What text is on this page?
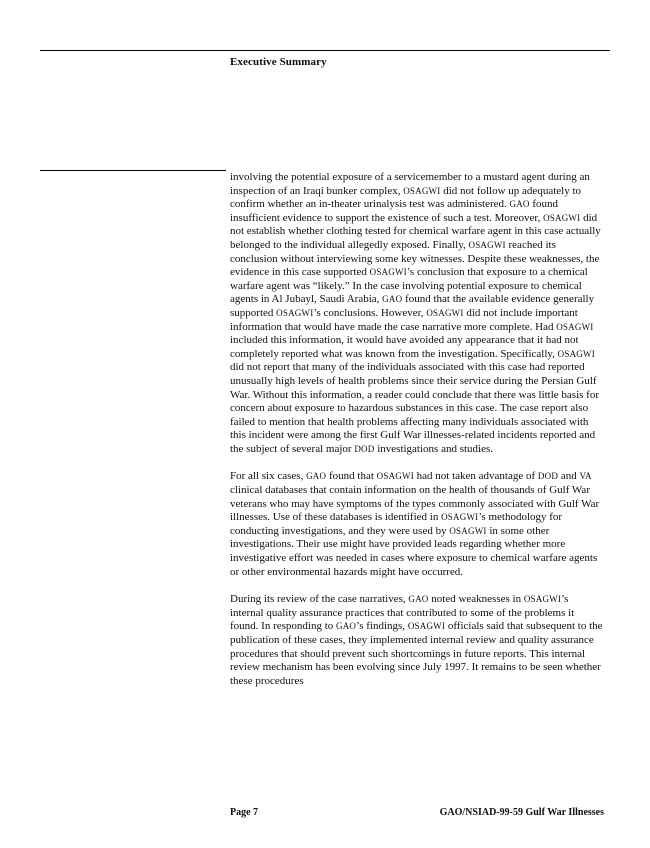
Executive Summary

involving the potential exposure of a servicemember to a mustard agent during an inspection of an Iraqi bunker complex, OSAGWI did not follow up adequately to confirm whether an in-theater urinalysis test was administered. GAO found insufficient evidence to support the existence of such a test. Moreover, OSAGWI did not establish whether clothing tested for chemical warfare agent in this case actually belonged to the individual allegedly exposed. Finally, OSAGWI reached its conclusion without interviewing some key witnesses. Despite these weaknesses, the evidence in this case supported OSAGWI’s conclusion that exposure to a chemical warfare agent was “likely.” In the case involving potential exposure to chemical agents in Al Jubayl, Saudi Arabia, GAO found that the available evidence generally supported OSAGWI’s conclusions. However, OSAGWI did not include important information that would have made the case narrative more complete. Had OSAGWI included this information, it would have avoided any appearance that it had not completely reported what was known from the investigation. Specifically, OSAGWI did not report that many of the individuals associated with this case had reported unusually high levels of health problems since their service during the Persian Gulf War. Without this information, a reader could conclude that there was little basis for concern about exposure to hazardous substances in this case. The case report also failed to mention that health problems affecting many individuals associated with this incident were among the first Gulf War illnesses-related incidents reported and the subject of several major DOD investigations and studies.

For all six cases, GAO found that OSAGWI had not taken advantage of DOD and VA clinical databases that contain information on the health of thousands of Gulf War veterans who may have symptoms of the types commonly associated with Gulf War illnesses. Use of these databases is identified in OSAGWI’s methodology for conducting investigations, and they were used by OSAGWI in some other investigations. Their use might have provided leads regarding whether more investigative effort was needed in cases where exposure to chemical warfare agents or other environmental hazards might have occurred.

During its review of the case narratives, GAO noted weaknesses in OSAGWI’s internal quality assurance practices that contributed to some of the problems it found. In responding to GAO’s findings, OSAGWI officials said that subsequent to the publication of these cases, they implemented internal review and quality assurance procedures that should prevent such shortcomings in future reports. This internal review mechanism has been evolving since July 1997. It remains to be seen whether these procedures

Page 7	GAO/NSIAD-99-59 Gulf War Illnesses
